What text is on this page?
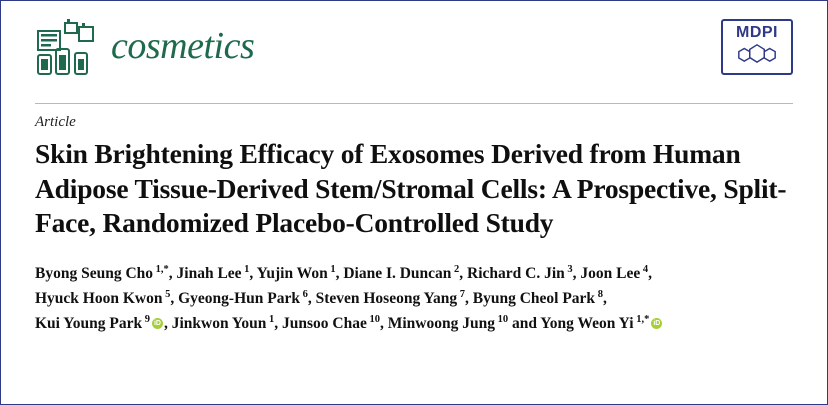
cosmetics	MDPI
Article
Skin Brightening Efficacy of Exosomes Derived from Human Adipose Tissue-Derived Stem/Stromal Cells: A Prospective, Split-Face, Randomized Placebo-Controlled Study
Byong Seung Cho $^{1,*}$, Jinah Lee $^1$, Yujin Won $^1$, Diane I. Duncan $^2$, Richard C. Jin $^3$, Joon Lee $^4$,
Hyuck Hoon Kwon $^5$, Gyeong-Hun Park $^6$, Steven Hoseong Yang $^7$, Byung Cheol Park $^8$,
Kui Young Park $^9$ iD , Jinkwon Youn $^1$, Junsoo Chae $^{10}$, Minwoong Jung $^{10}$ and Yong Weon Yi $^{1,*}$iD
